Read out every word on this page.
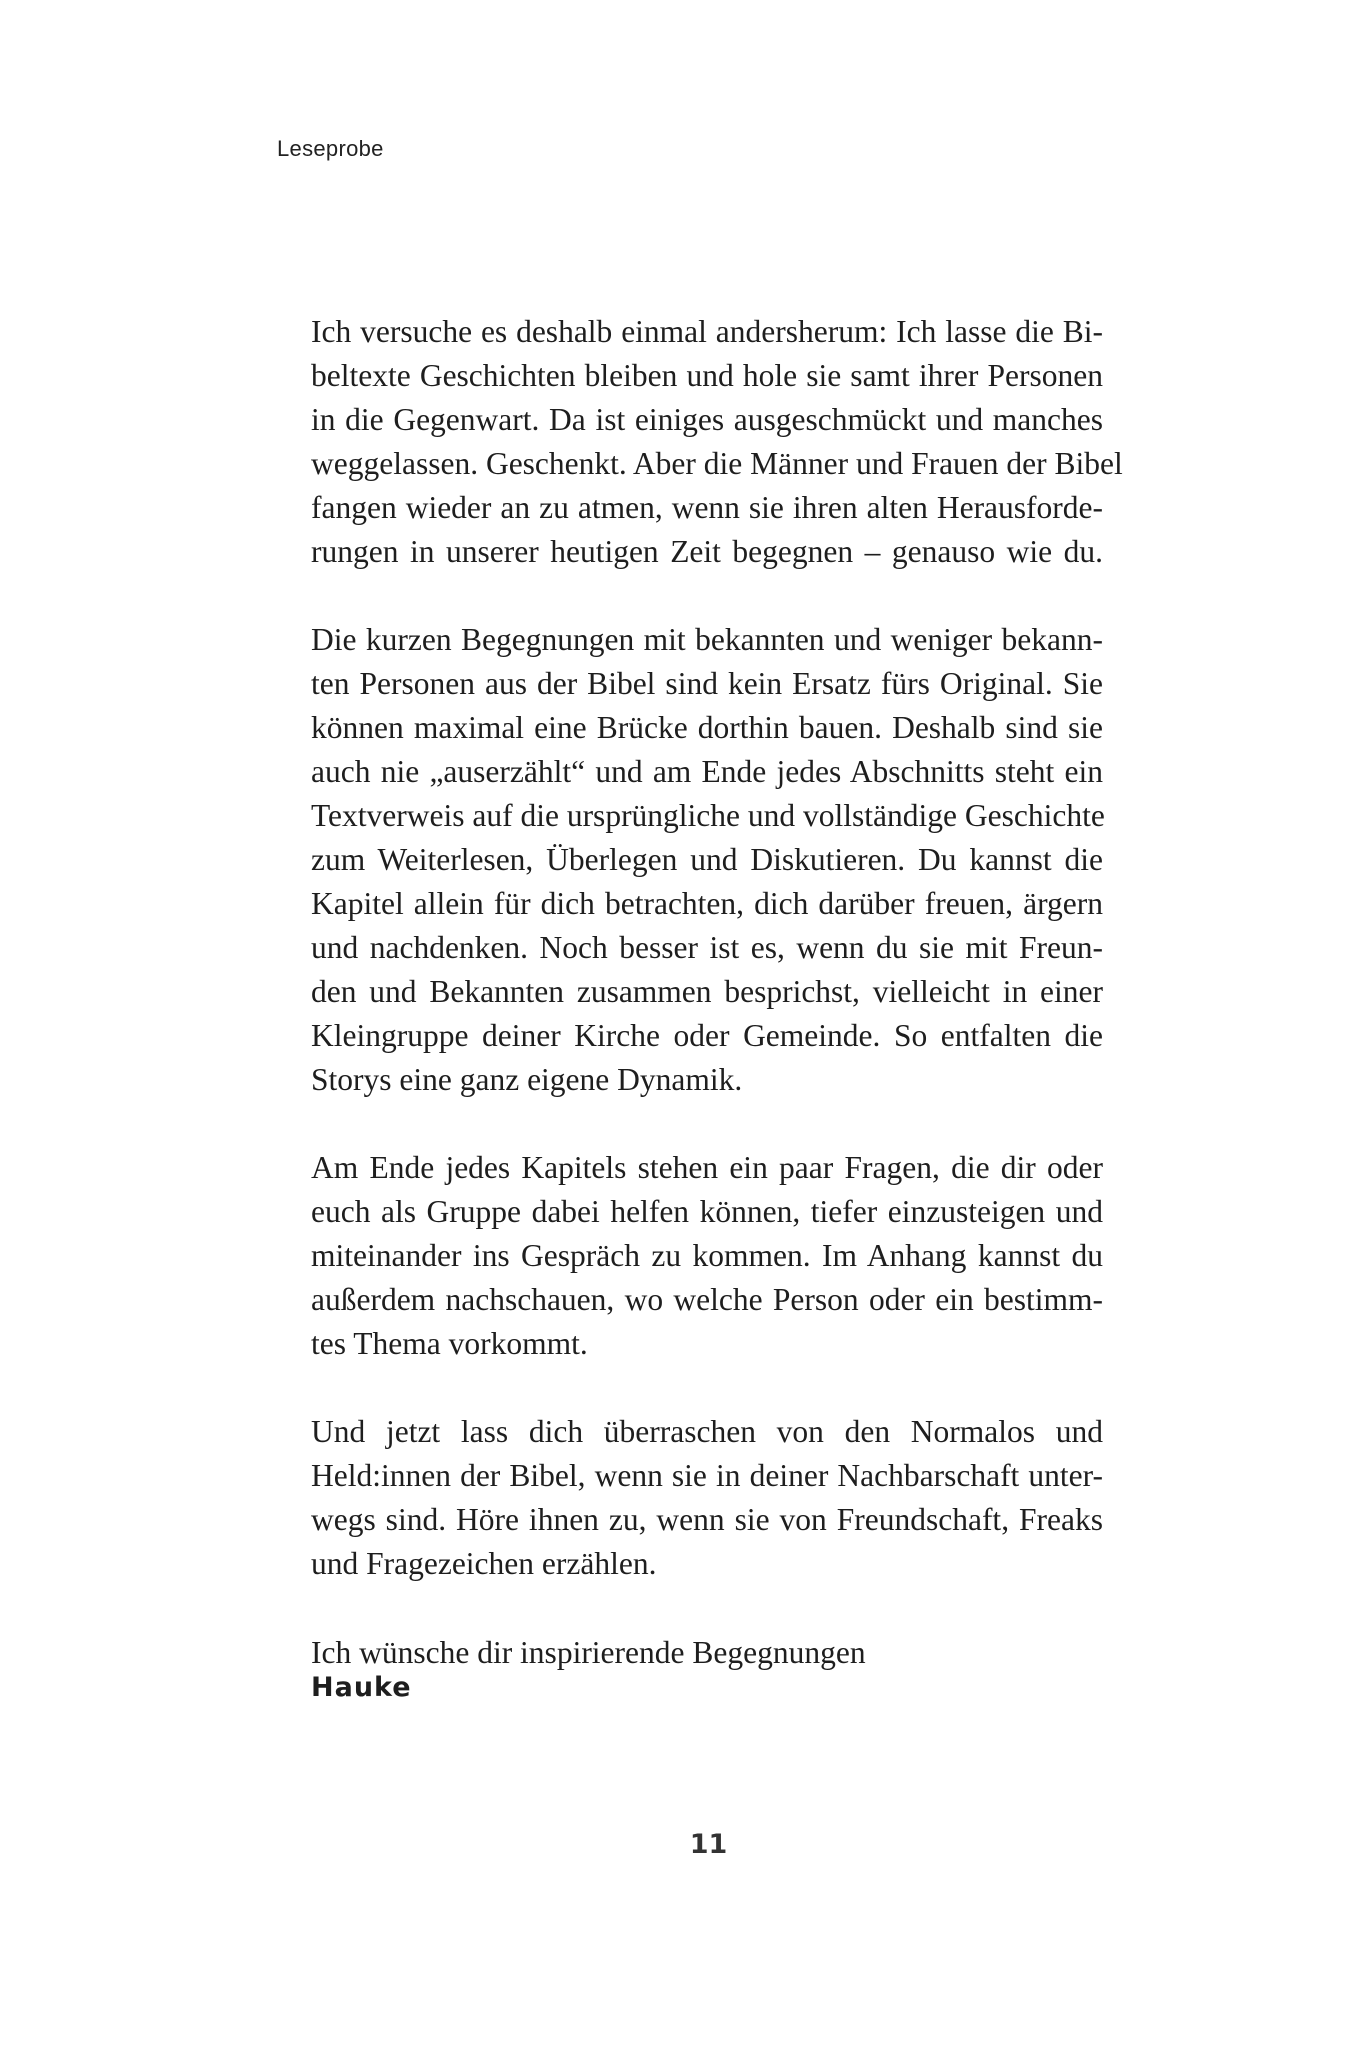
Leseprobe
Ich versuche es deshalb einmal andersherum: Ich lasse die Bi-
beltexte Geschichten bleiben und hole sie samt ihrer Personen
in die Gegenwart. Da ist einiges ausgeschmückt und manches
weggelassen. Geschenkt. Aber die Männer und Frauen der Bibel
fangen wieder an zu atmen, wenn sie ihren alten Herausforde-
rungen in unserer heutigen Zeit begegnen – genauso wie du.
Die kurzen Begegnungen mit bekannten und weniger bekann-
ten Personen aus der Bibel sind kein Ersatz fürs Original. Sie
können maximal eine Brücke dorthin bauen. Deshalb sind sie
auch nie „auserzählt“ und am Ende jedes Abschnitts steht ein
Textverweis auf die ursprüngliche und vollständige Geschichte
zum Weiterlesen, Überlegen und Diskutieren. Du kannst die
Kapitel allein für dich betrachten, dich darüber freuen, ärgern
und nachdenken. Noch besser ist es, wenn du sie mit Freun-
den und Bekannten zusammen besprichst, vielleicht in einer
Kleingruppe deiner Kirche oder Gemeinde. So entfalten die
Storys eine ganz eigene Dynamik.
Am Ende jedes Kapitels stehen ein paar Fragen, die dir oder
euch als Gruppe dabei helfen können, tiefer einzusteigen und
miteinander ins Gespräch zu kommen. Im Anhang kannst du
außerdem nachschauen, wo welche Person oder ein bestimm-
tes Thema vorkommt.
Und jetzt lass dich überraschen von den Normalos und
Held:innen der Bibel, wenn sie in deiner Nachbarschaft unter-
wegs sind. Höre ihnen zu, wenn sie von Freundschaft, Freaks
und Fragezeichen erzählen.
Ich wünsche dir inspirierende Begegnungen
Hauke
11
